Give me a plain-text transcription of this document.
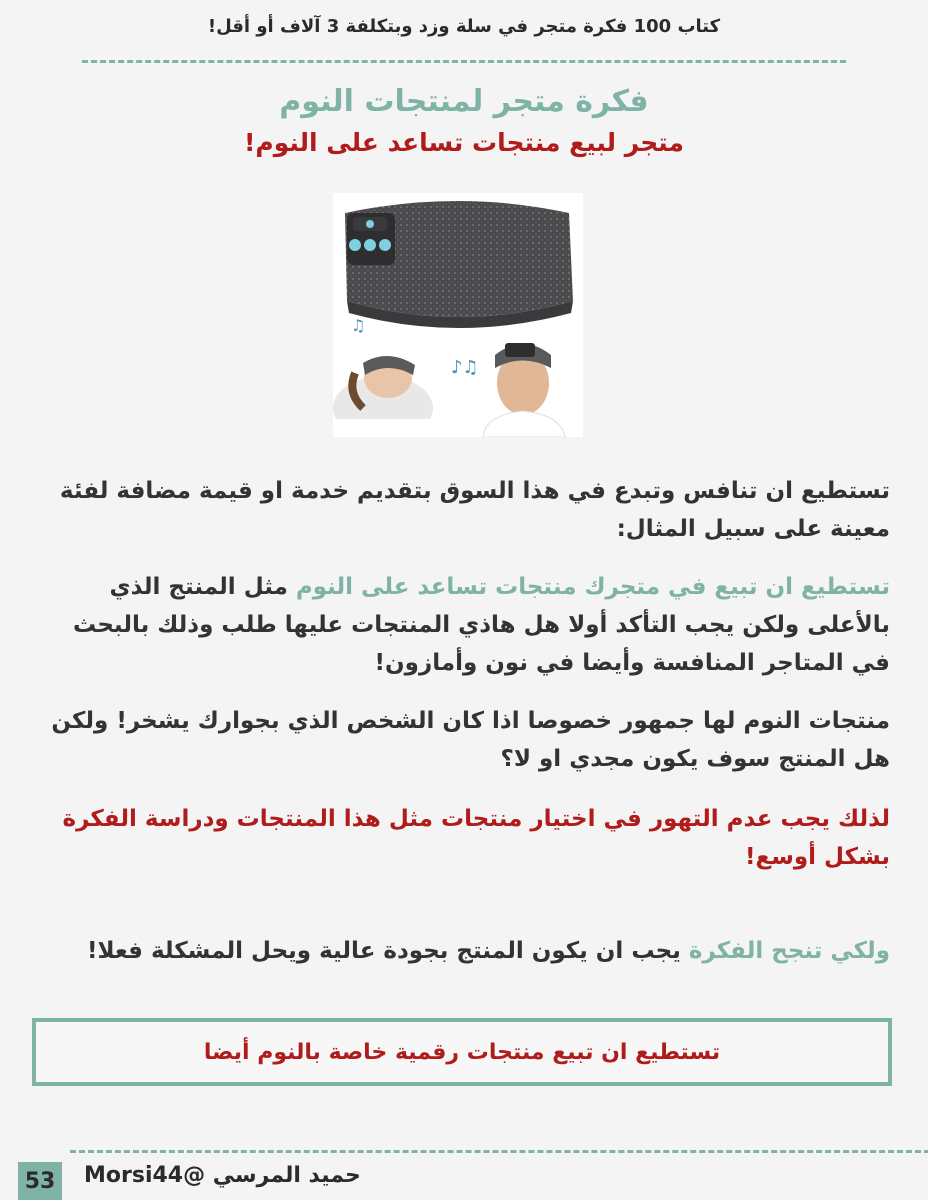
كتاب 100 فكرة متجر في سلة وزد وبتكلفة 3 آلاف أو أقل!
فكرة متجر لمنتجات النوم
متجر لبيع منتجات تساعد على النوم!
♫
♪♫
تستطيع ان تنافس وتبدع في هذا السوق بتقديم خدمة او قيمة مضافة لفئة معينة على سبيل المثال:
تستطيع ان تبيع في متجرك منتجات تساعد على النوم مثل المنتج الذي بالأعلى ولكن يجب التأكد أولا هل هاذي المنتجات عليها طلب وذلك بالبحث في المتاجر المنافسة وأيضا في نون وأمازون!
منتجات النوم لها جمهور خصوصا اذا كان الشخص الذي بجوارك يشخر! ولكن هل المنتج سوف يكون مجدي او لا؟
لذلك يجب عدم التهور في اختيار منتجات مثل هذا المنتجات ودراسة الفكرة بشكل أوسع!
ولكي تنجح الفكرة يجب ان يكون المنتج بجودة عالية ويحل المشكلة فعلا!
تستطيع ان تبيع منتجات رقمية خاصة بالنوم أيضا
53	حميد المرسي @Morsi44
